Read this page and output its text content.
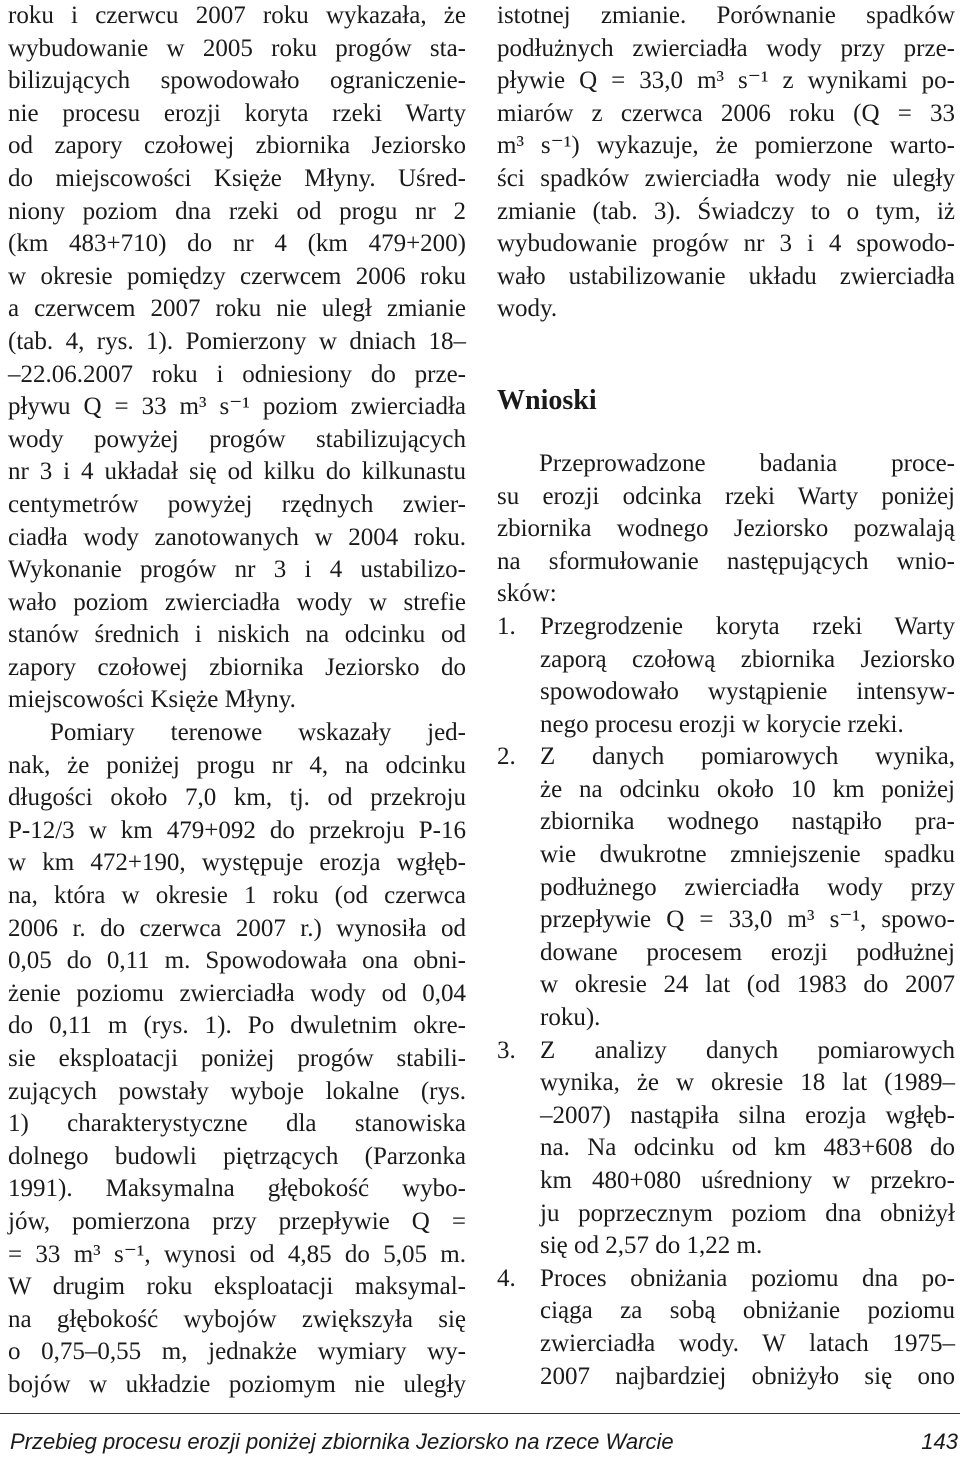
roku i czerwcu 2007 roku wykazała, że
wybudowanie w 2005 roku progów sta-
bilizujących spowodowało ograniczenie-
nie procesu erozji koryta rzeki Warty
od zapory czołowej zbiornika Jeziorsko
do miejscowości Księże Młyny. Uśred-
niony poziom dna rzeki od progu nr 2
(km 483+710) do nr 4 (km 479+200)
w okresie pomiędzy czerwcem 2006 roku
a czerwcem 2007 roku nie uległ zmianie
(tab. 4, rys. 1). Pomierzony w dniach 18–
–22.06.2007 roku i odniesiony do prze-
pływu Q = 33 m³ s⁻¹ poziom zwierciadła
wody powyżej progów stabilizujących
nr 3 i 4 układał się od kilku do kilkunastu
centymetrów powyżej rzędnych zwier-
ciadła wody zanotowanych w 2004 roku.
Wykonanie progów nr 3 i 4 ustabilizo-
wało poziom zwierciadła wody w strefie
stanów średnich i niskich na odcinku od
zapory czołowej zbiornika Jeziorsko do
miejscowości Księże Młyny.
Pomiary terenowe wskazały jed-
nak, że poniżej progu nr 4, na odcinku
długości około 7,0 km, tj. od przekroju
P-12/3 w km 479+092 do przekroju P-16
w km 472+190, występuje erozja wgłęb-
na, która w okresie 1 roku (od czerwca
2006 r. do czerwca 2007 r.) wynosiła od
0,05 do 0,11 m. Spowodowała ona obni-
żenie poziomu zwierciadła wody od 0,04
do 0,11 m (rys. 1). Po dwuletnim okre-
sie eksploatacji poniżej progów stabili-
zujących powstały wyboje lokalne (rys.
1) charakterystyczne dla stanowiska
dolnego budowli piętrzących (Parzonka
1991). Maksymalna głębokość wybo-
jów, pomierzona przy przepływie Q =
= 33 m³ s⁻¹, wynosi od 4,85 do 5,05 m.
W drugim roku eksploatacji maksymal-
na głębokość wybojów zwiększyła się
o 0,75–0,55 m, jednakże wymiary wy-
bojów w układzie poziomym nie uległy
istotnej zmianie. Porównanie spadków
podłużnych zwierciadła wody przy prze-
pływie Q = 33,0 m³ s⁻¹ z wynikami po-
miarów z czerwca 2006 roku (Q = 33
m³ s⁻¹) wykazuje, że pomierzone warto-
ści spadków zwierciadła wody nie uległy
zmianie (tab. 3). Świadczy to o tym, iż
wybudowanie progów nr 3 i 4 spowodo-
wało ustabilizowanie układu zwierciadła
wody.
Wnioski
Przeprowadzone badania proce-
su erozji odcinka rzeki Warty poniżej
zbiornika wodnego Jeziorsko pozwalają
na sformułowanie następujących wnio-
sków:
1. Przegrodzenie koryta rzeki Warty
zaporą czołową zbiornika Jeziorsko
spowodowało wystąpienie intensyw-
nego procesu erozji w korycie rzeki.
2. Z danych pomiarowych wynika,
że na odcinku około 10 km poniżej
zbiornika wodnego nastąpiło pra-
wie dwukrotne zmniejszenie spadku
podłużnego zwierciadła wody przy
przepływie Q = 33,0 m³ s⁻¹, spowo-
dowane procesem erozji podłużnej
w okresie 24 lat (od 1983 do 2007
roku).
3. Z analizy danych pomiarowych
wynika, że w okresie 18 lat (1989–
–2007) nastąpiła silna erozja wgłęb-
na. Na odcinku od km 483+608 do
km 480+080 uśredniony w przekro-
ju poprzecznym poziom dna obniżył
się od 2,57 do 1,22 m.
4. Proces obniżania poziomu dna po-
ciąga za sobą obniżanie poziomu
zwierciadła wody. W latach 1975–
2007 najbardziej obniżyło się ono
Przebieg procesu erozji poniżej zbiornika Jeziorsko na rzece Warcie	143
